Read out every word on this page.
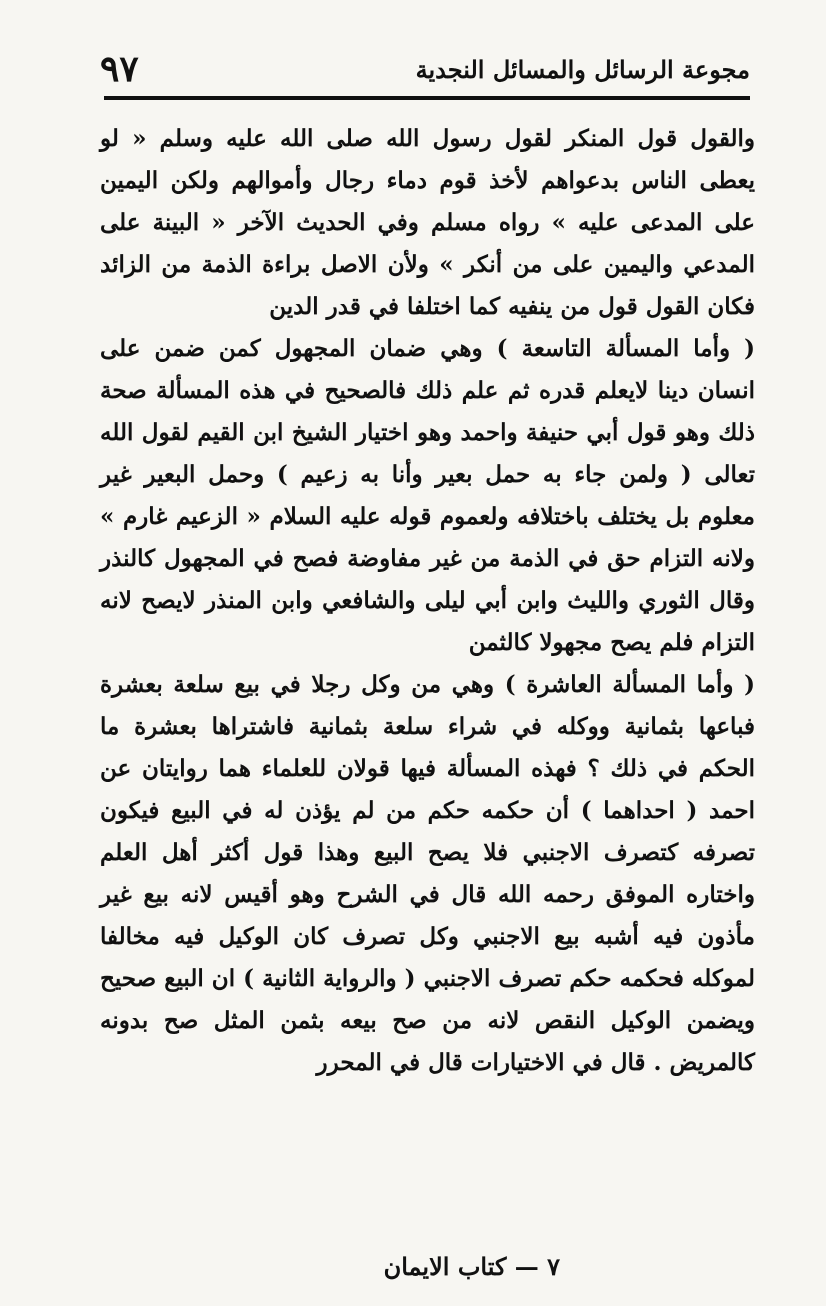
مجوعة الرسائل والمسائل النجدية
٩٧

والقول قول المنكر لقول رسول الله صلى الله عليه وسلم « لو يعطى الناس بدعواهم لأخذ قوم دماء رجال وأموالهم ولكن اليمين على المدعى عليه » رواه مسلم وفي الحديث الآخر « البينة على المدعي واليمين على من أنكر » ولأن الاصل براءة الذمة من الزائد فكان القول قول من ينفيه كما اختلفا في قدر الدين

( وأما المسألة التاسعة ) وهي ضمان المجهول كمن ضمن على انسان دينا لايعلم قدره ثم علم ذلك فالصحيح في هذه المسألة صحة ذلك وهو قول أبي حنيفة واحمد وهو اختيار الشيخ ابن القيم لقول الله تعالى ( ولمن جاء به حمل بعير وأنا به زعيم ) وحمل البعير غير معلوم بل يختلف باختلافه ولعموم قوله عليه السلام « الزعيم غارم » ولانه التزام حق في الذمة من غير مفاوضة فصح في المجهول كالنذر وقال الثوري والليث وابن أبي ليلى والشافعي وابن المنذر لايصح لانه التزام فلم يصح مجهولا كالثمن

( وأما المسألة العاشرة ) وهي من وكل رجلا في بيع سلعة بعشرة فباعها بثمانية ووكله في شراء سلعة بثمانية فاشتراها بعشرة ما الحكم في ذلك ؟ فهذه المسألة فيها قولان للعلماء هما روايتان عن احمد ( احداهما ) أن حكمه حكم من لم يؤذن له في البيع فيكون تصرفه كتصرف الاجنبي فلا يصح البيع وهذا قول أكثر أهل العلم واختاره الموفق رحمه الله قال في الشرح وهو أقيس لانه بيع غير مأذون فيه أشبه بيع الاجنبي وكل تصرف كان الوكيل فيه مخالفا لموكله فحكمه حكم تصرف الاجنبي ( والرواية الثانية ) ان البيع صحيح ويضمن الوكيل النقص لانه من صح بيعه بثمن المثل صح بدونه كالمريض . قال في الاختيارات قال في المحرر

٧ — كتاب الايمان
